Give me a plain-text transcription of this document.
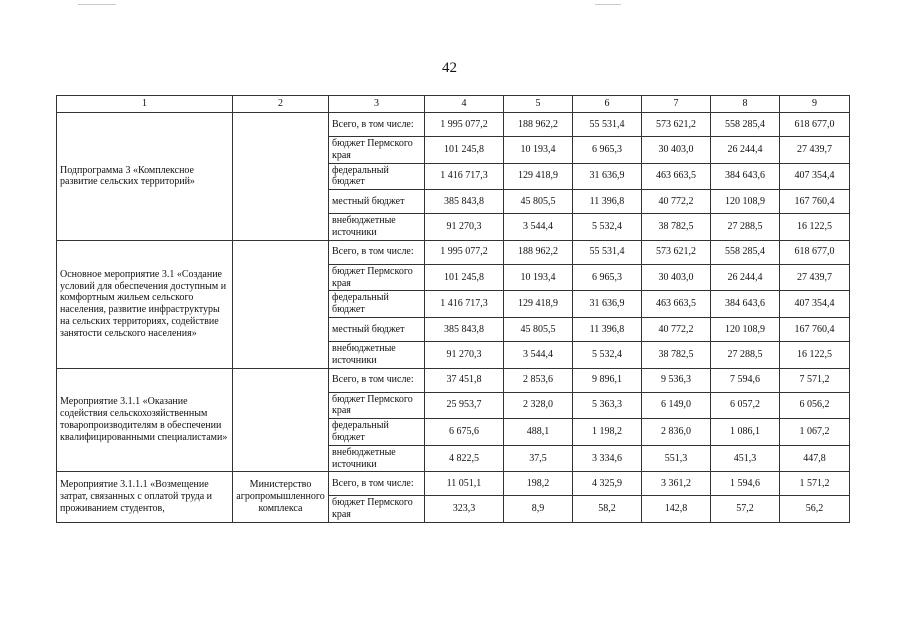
42
1	2	3	4	5	6	7	8	9
Подпрограмма 3 «Комплексное развитие сельских территорий»		Всего, в том числе:	1 995 077,2	188 962,2	55 531,4	573 621,2	558 285,4	618 677,0
		бюджет Пермского края	101 245,8	10 193,4	6 965,3	30 403,0	26 244,4	27 439,7
		федеральный бюджет	1 416 717,3	129 418,9	31 636,9	463 663,5	384 643,6	407 354,4
		местный бюджет	385 843,8	45 805,5	11 396,8	40 772,2	120 108,9	167 760,4
		внебюджетные источники	91 270,3	3 544,4	5 532,4	38 782,5	27 288,5	16 122,5
Основное мероприятие 3.1 «Создание условий для обеспечения доступным и комфортным жильем сельского населения, развитие инфраструктуры на сельских территориях, содействие занятости сельского населения»		Всего, в том числе:	1 995 077,2	188 962,2	55 531,4	573 621,2	558 285,4	618 677,0
		бюджет Пермского края	101 245,8	10 193,4	6 965,3	30 403,0	26 244,4	27 439,7
		федеральный бюджет	1 416 717,3	129 418,9	31 636,9	463 663,5	384 643,6	407 354,4
		местный бюджет	385 843,8	45 805,5	11 396,8	40 772,2	120 108,9	167 760,4
		внебюджетные источники	91 270,3	3 544,4	5 532,4	38 782,5	27 288,5	16 122,5
Мероприятие 3.1.1 «Оказание содействия сельскохозяйственным товаропроизводителям в обеспечении квалифицированными специалистами»		Всего, в том числе:	37 451,8	2 853,6	9 896,1	9 536,3	7 594,6	7 571,2
		бюджет Пермского края	25 953,7	2 328,0	5 363,3	6 149,0	6 057,2	6 056,2
		федеральный бюджет	6 675,6	488,1	1 198,2	2 836,0	1 086,1	1 067,2
		внебюджетные источники	4 822,5	37,5	3 334,6	551,3	451,3	447,8
Мероприятие 3.1.1.1 «Возмещение затрат, связанных с оплатой труда и проживанием студентов,	Министерство агропромышленного комплекса	Всего, в том числе:	11 051,1	198,2	4 325,9	3 361,2	1 594,6	1 571,2
		бюджет Пермского края	323,3	8,9	58,2	142,8	57,2	56,2
